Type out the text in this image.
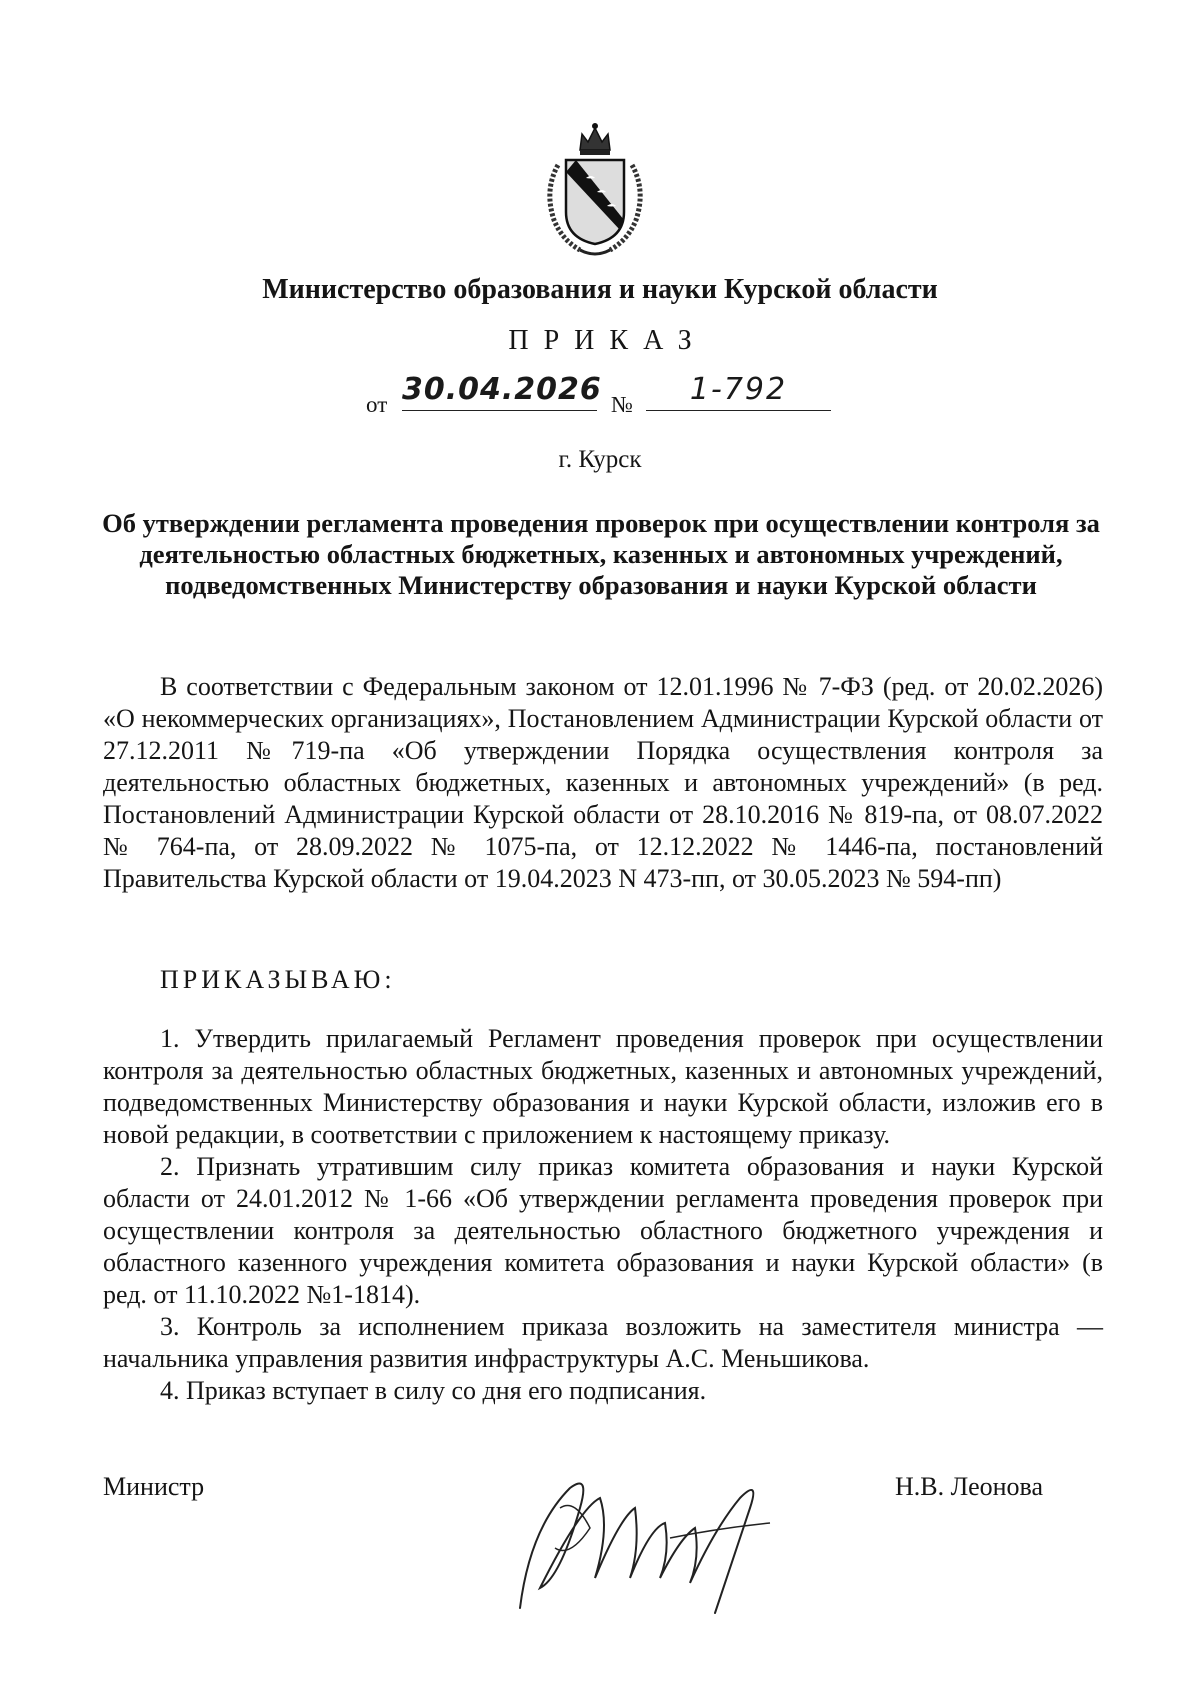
Министерство образования и науки Курской области
ПРИКАЗ
от 30.04.2026 №	1-792
г. Курск
Об утверждении регламента проведения проверок при осуществлении контроля за деятельностью областных бюджетных, казенных и автономных учреждений, подведомственных Министерству образования и науки Курской области
В соответствии с Федеральным законом от 12.01.1996 № 7-ФЗ (ред. от 20.02.2026) «О некоммерческих организациях», Постановлением Администрации Курской области от 27.12.2011 №719-па «Об утверждении Порядка осуществления контроля за деятельностью областных бюджетных, казенных и автономных учреждений» (в ред. Постановлений Администрации Курской области от 28.10.2016 № 819-па, от 08.07.2022 № 764-па, от 28.09.2022 № 1075-па, от 12.12.2022 № 1446-па, постановлений Правительства Курской области от 19.04.2023 N 473-пп, от 30.05.2023 № 594-пп)
ПРИКАЗЫВАЮ:

1. Утвердить прилагаемый Регламент проведения проверок при осуществлении контроля за деятельностью областных бюджетных, казенных и автономных учреждений, подведомственных Министерству образования и науки Курской области, изложив его в новой редакции, в соответствии с приложением к настоящему приказу.

2. Признать утратившим силу приказ комитета образования и науки Курской области от 24.01.2012 № 1-66 «Об утверждении регламента проведения проверок при осуществлении контроля за деятельностью областного бюджетного учреждения и областного казенного учреждения комитета образования и науки Курской области» (в ред. от 11.10.2022 №1-1814).

3. Контроль за исполнением приказа возложить на заместителя министра — начальника управления развития инфраструктуры А.С. Меньшикова.

4. Приказ вступает в силу со дня его подписания.

Министр	Н.В. Леонова
